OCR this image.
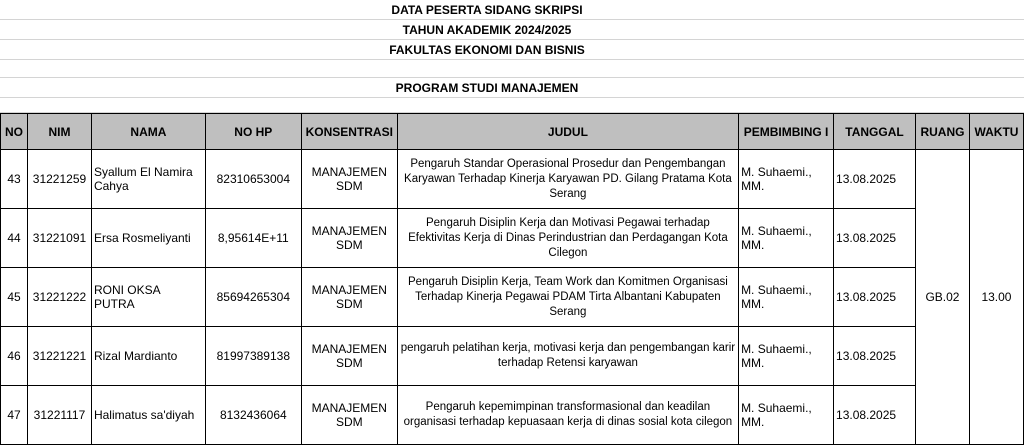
DATA PESERTA SIDANG SKRIPSI
TAHUN AKADEMIK 2024/2025
FAKULTAS EKONOMI DAN BISNIS
PROGRAM STUDI MANAJEMEN
NO	NIM	NAMA	NO HP	KONSENTRASI	JUDUL	PEMBIMBING I	TANGGAL	RUANG	WAKTU
43	31221259	Syallum El Namira Cahya	82310653004	MANAJEMEN SDM	Pengaruh Standar Operasional Prosedur dan Pengembangan Karyawan Terhadap Kinerja Karyawan PD. Gilang Pratama Kota Serang	M. Suhaemi., MM.	13.08.2025	GB.02	13.00
44	31221091	Ersa Rosmeliyanti	8,95614E+11	MANAJEMEN SDM	Pengaruh Disiplin Kerja dan Motivasi Pegawai terhadap Efektivitas Kerja di Dinas Perindustrian dan Perdagangan Kota Cilegon	M. Suhaemi., MM.	13.08.2025		
45	31221222	RONI OKSA PUTRA	85694265304	MANAJEMEN SDM	Pengaruh Disiplin Kerja, Team Work dan Komitmen Organisasi Terhadap Kinerja Pegawai PDAM Tirta Albantani Kabupaten Serang	M. Suhaemi., MM.	13.08.2025		
46	31221221	Rizal Mardianto	81997389138	MANAJEMEN SDM	pengaruh pelatihan kerja, motivasi kerja dan pengembangan karir terhadap Retensi karyawan	M. Suhaemi., MM.	13.08.2025		
47	31221117	Halimatus sa'diyah	8132436064	MANAJEMEN SDM	Pengaruh kepemimpinan transformasional dan keadilan organisasi terhadap kepuasaan kerja di dinas sosial kota cilegon	M. Suhaemi., MM.	13.08.2025		
